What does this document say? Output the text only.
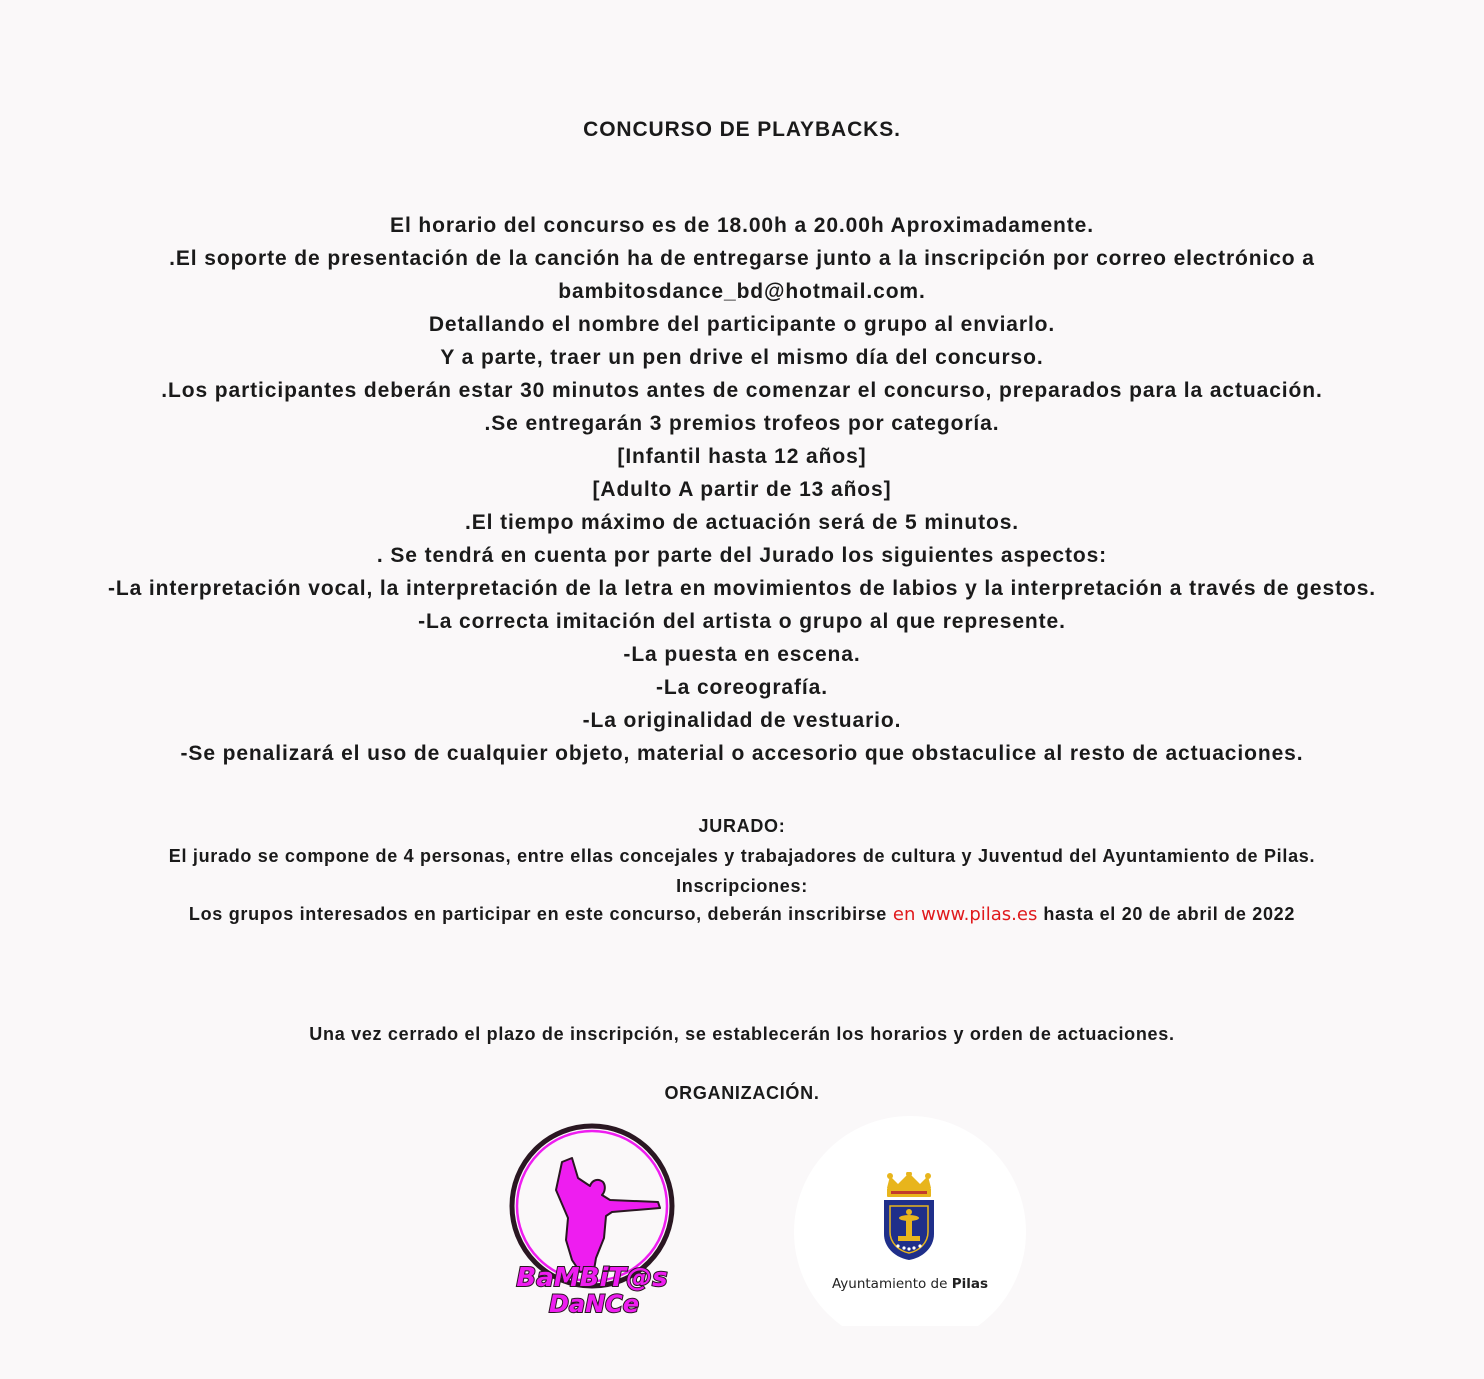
CONCURSO DE PLAYBACKS.
El horario del concurso es de 18.00h a 20.00h Aproximadamente.
.El soporte de presentación de la canción ha de entregarse junto a la inscripción por correo electrónico a
bambitosdance_bd@hotmail.com.
Detallando el nombre del participante o grupo al enviarlo.
Y a parte, traer un pen drive el mismo día del concurso.
.Los participantes deberán estar 30 minutos antes de comenzar el concurso, preparados para la actuación.
.Se entregarán 3 premios trofeos por categoría.
[Infantil hasta 12 años]
[Adulto A partir de 13 años]
.El tiempo máximo de actuación será de 5 minutos.
. Se tendrá en cuenta por parte del Jurado los siguientes aspectos:
-La interpretación vocal, la interpretación de la letra en movimientos de labios y la interpretación a través de gestos.
-La correcta imitación del artista o grupo al que represente.
-La puesta en escena.
-La coreografía.
-La originalidad de vestuario.
-Se penalizará el uso de cualquier objeto, material o accesorio que obstaculice al resto de actuaciones.
JURADO:
El jurado se compone de 4 personas, entre ellas concejales y trabajadores de cultura y Juventud del Ayuntamiento de Pilas.
Inscripciones:
Los grupos interesados en participar en este concurso, deberán inscribirse en www.pilas.es hasta el 20 de abril de 2022
Una vez cerrado el plazo de inscripción, se establecerán los horarios y orden de actuaciones.
ORGANIZACIÓN.
BaMBiT@s
DaNCe
Ayuntamiento de Pilas
